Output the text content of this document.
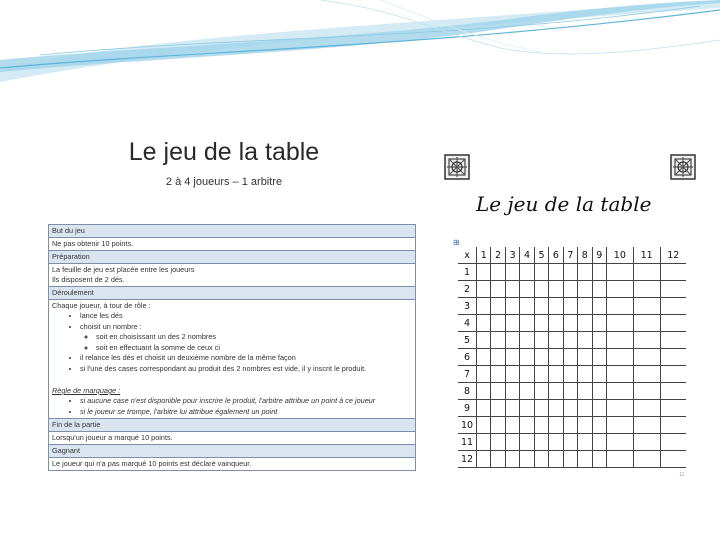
Le jeu de la table
2 à 4 joueurs – 1 arbitre
But du jeu
Ne pas obtenir 10 points.
Préparation

La feuille de jeu est placée entre les joueurs
Ils disposent de 2 dés.

Déroulement

Chaque joueur, à tour de rôle :
• lance les dés
• choisit un nombre :
◦ soit en choisissant un des 2 nombres
◦ soit en effectuant la somme de ceux ci
• il relance les dés et choisit un deuxième nombre de la même façon
• si l'une des cases correspondant au produit des 2 nombres est vide, il y inscrit le produit.
Règle de marquage :
• si aucune case n'est disponible pour inscrire le produit, l'arbitre attribue un point à ce joueur
• si le joueur se trompe, l'arbitre lui attribue également un point

Fin de la partie
Lorsqu'un joueur a marqué 10 points.
Gagnant
Le joueur qui n'a pas marqué 10 points est déclaré vainqueur.
Le jeu de la table
⊞
x	1	2	3	4	5	6	7	8	9	10	11	12
1												
2												
3												
4												
5												
6												
7												
8												
9												
10												
11												
12												
□
